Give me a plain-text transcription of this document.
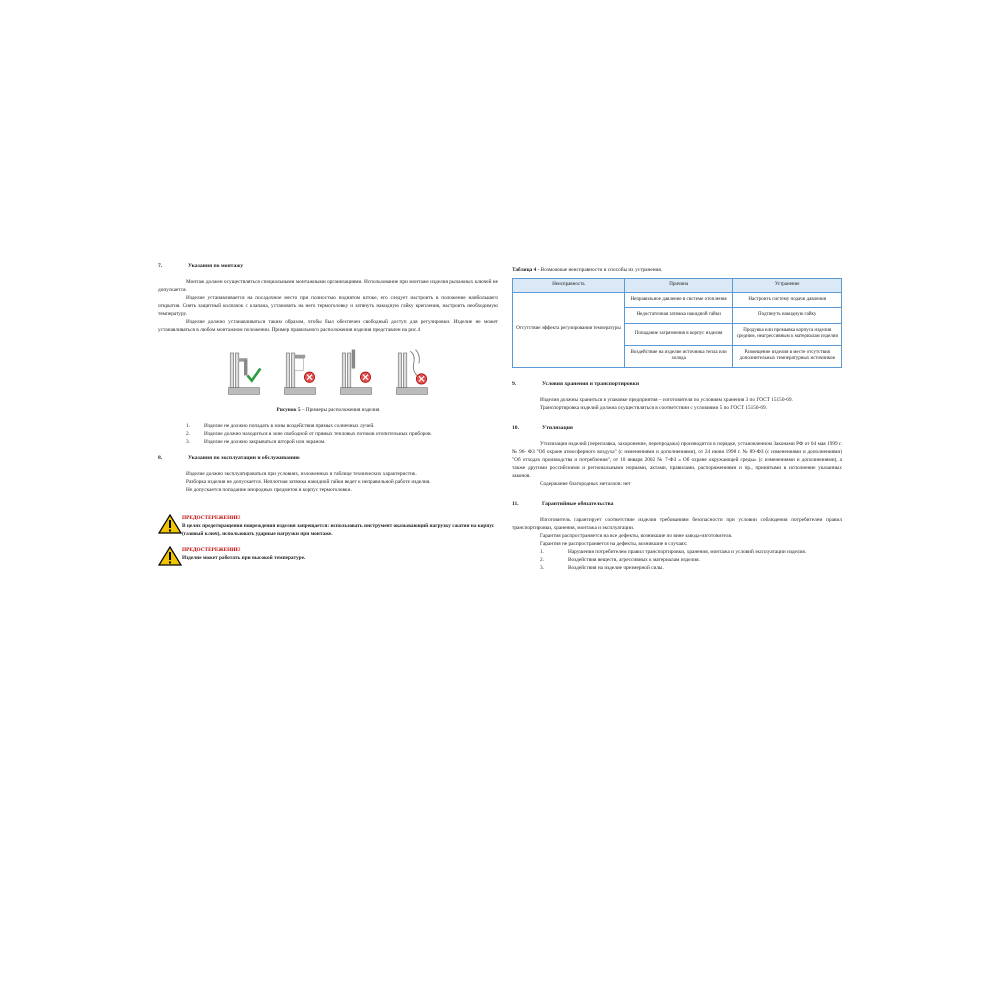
7.	Указания по монтажу

Монтаж должен осуществляться специальными монтажными организациями. Использование при монтаже изделия рычажных ключей не допускается.

Изделие устанавливается на посадочное место при полностью поднятом штоке, его следует настроить в положение наибольшего открытия. Снять защитный колпачок с клапана, установить на него термоголовку и затянуть накидную гайку крепления, настроить необходимую температуру.

Изделие должно устанавливаться таким образом, чтобы был обеспечен свободный доступ для регулировки. Изделие не может устанавливаться в любом монтажном положении. Пример правильного расположения изделия представлен на рис.4

Рисунок 5 – Примеры расположения изделия
1.	Изделие не должно попадать в зоны воздействия прямых солнечных лучей.
2.	Изделие должно находиться в зоне свободной от прямых тепловых потоков отопительных приборов.
3.	Изделие не должно закрываться шторой или экраном.
8.	Указания по эксплуатации и обслуживанию

Изделие должно эксплуатироваться при условиях, изложенных в таблице технических характеристик.

Разборка изделия не допускается. Неплотная затяжка накидной гайки ведет к неправильной работе изделия.

Не допускается попадание инородных предметов в корпус термоголовки.

ПРЕДОСТЕРЕЖЕНИЕ!
В целях предотвращения повреждения изделия запрещается: использовать инструмент оказывающий нагрузку сжатия на корпус (газовый ключ), использовать ударные нагрузки при монтаже.
ПРЕДОСТЕРЕЖЕНИЕ!
Изделие может работать при высокой температуре.
Таблица 4 - Возможные неисправности и способы их устранения.
Неисправность	Причина	Устранение
Отсутствие эффекта регулирования температуры	Неправильное давление в системе отопления	Настроить систему подачи давления
	Недостаточная затяжка накидной гайки	Подтянуть накидную гайку
	Попадание загрязнения в корпус изделия	Продувка или промывка корпуса изделия средним, неагрессивным к материалам изделия
	Воздействие на изделие источника тепла или холода	Размещение изделия в месте отсутствия дополнительных температурных источников
9.	Условия хранения и транспортировки

Изделия должны храниться в упаковке предприятия – изготовителя по условиям хранения 3 по ГОСТ 15150-69.

Транспортировка изделий должна осуществляться в соответствии с условиями 5 по ГОСТ 15150-69.

10.	Утилизация

Утилизация изделий (переплавка, захоронение, перепродажа) производится в порядке, установленном Законами РФ от 04 мая 1999 г. № 96- ФЗ "Об охране атмосферного воздуха" (с изменениями и дополнениями), от 24 июня 1998 г. № 89-ФЗ (с изменениями и дополнениями) "Об отходах производства и потребления", от 10 января 2002 № 7-ФЗ « Об охране окружающей среды» (с изменениями и дополнениями), а также другими российскими и региональными нормами, актами, правилами, распоряжениями и пр., принятыми в исполнение указанных законов.

Содержание благородных металлов: нет

11.	Гарантийные обязательства

Изготовитель гарантирует соответствие изделия требованиям безопасности при условии соблюдения потребителем правил транспортировки, хранения, монтажа и эксплуатации.

Гарантия распространяется на все дефекты, возникшие по вине завода-изготовителя.

Гарантия не распространяется на дефекты, возникшие в случаях:

1.	Нарушения потребителем правил транспортировки, хранения, монтажа и условий эксплуатации изделия.
2.	Воздействия веществ, агрессивных к материалам изделия.
3.	Воздействия на изделие чрезмерной силы.
